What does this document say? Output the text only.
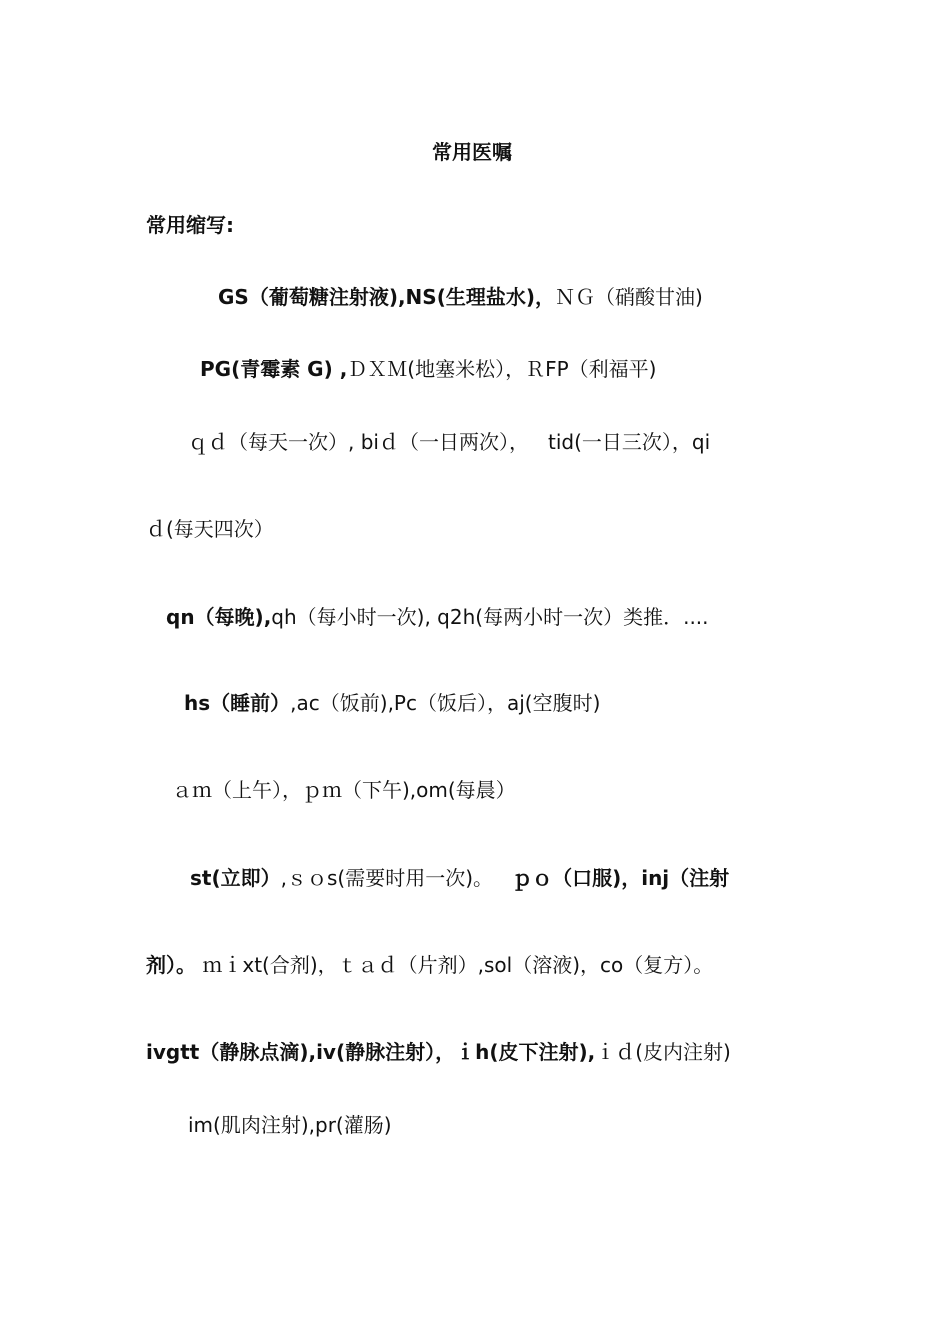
常用医嘱
常用缩写:
GS（葡萄糖注射液),NS(生理盐水)，ＮＧ（硝酸甘油)
PG(青霉素 G) ,ＤＸＭ(地塞米松），ＲFP（利福平)
ｑｄ（每天一次）, biｄ（一日两次），   tid(一日三次），qi
ｄ(每天四次）
qn（每晚),qh（每小时一次), q2h(每两小时一次）类推．....
hs（睡前）,ac（饭前),Pc（饭后），aj(空腹时)
ａｍ（上午），ｐｍ（下午),om(每晨）
st(立即）,ｓｏs(需要时用一次)。   ｐｏ（口服)，inj（注射
剂）。 ｍｉxt(合剂)，ｔａｄ（片剂）,sol（溶液)，co（复方）。
ivgtt（静脉点滴),iv(静脉注射），ｉh(皮下注射),ｉｄ(皮内注射)
im(肌肉注射),pr(灌肠)
